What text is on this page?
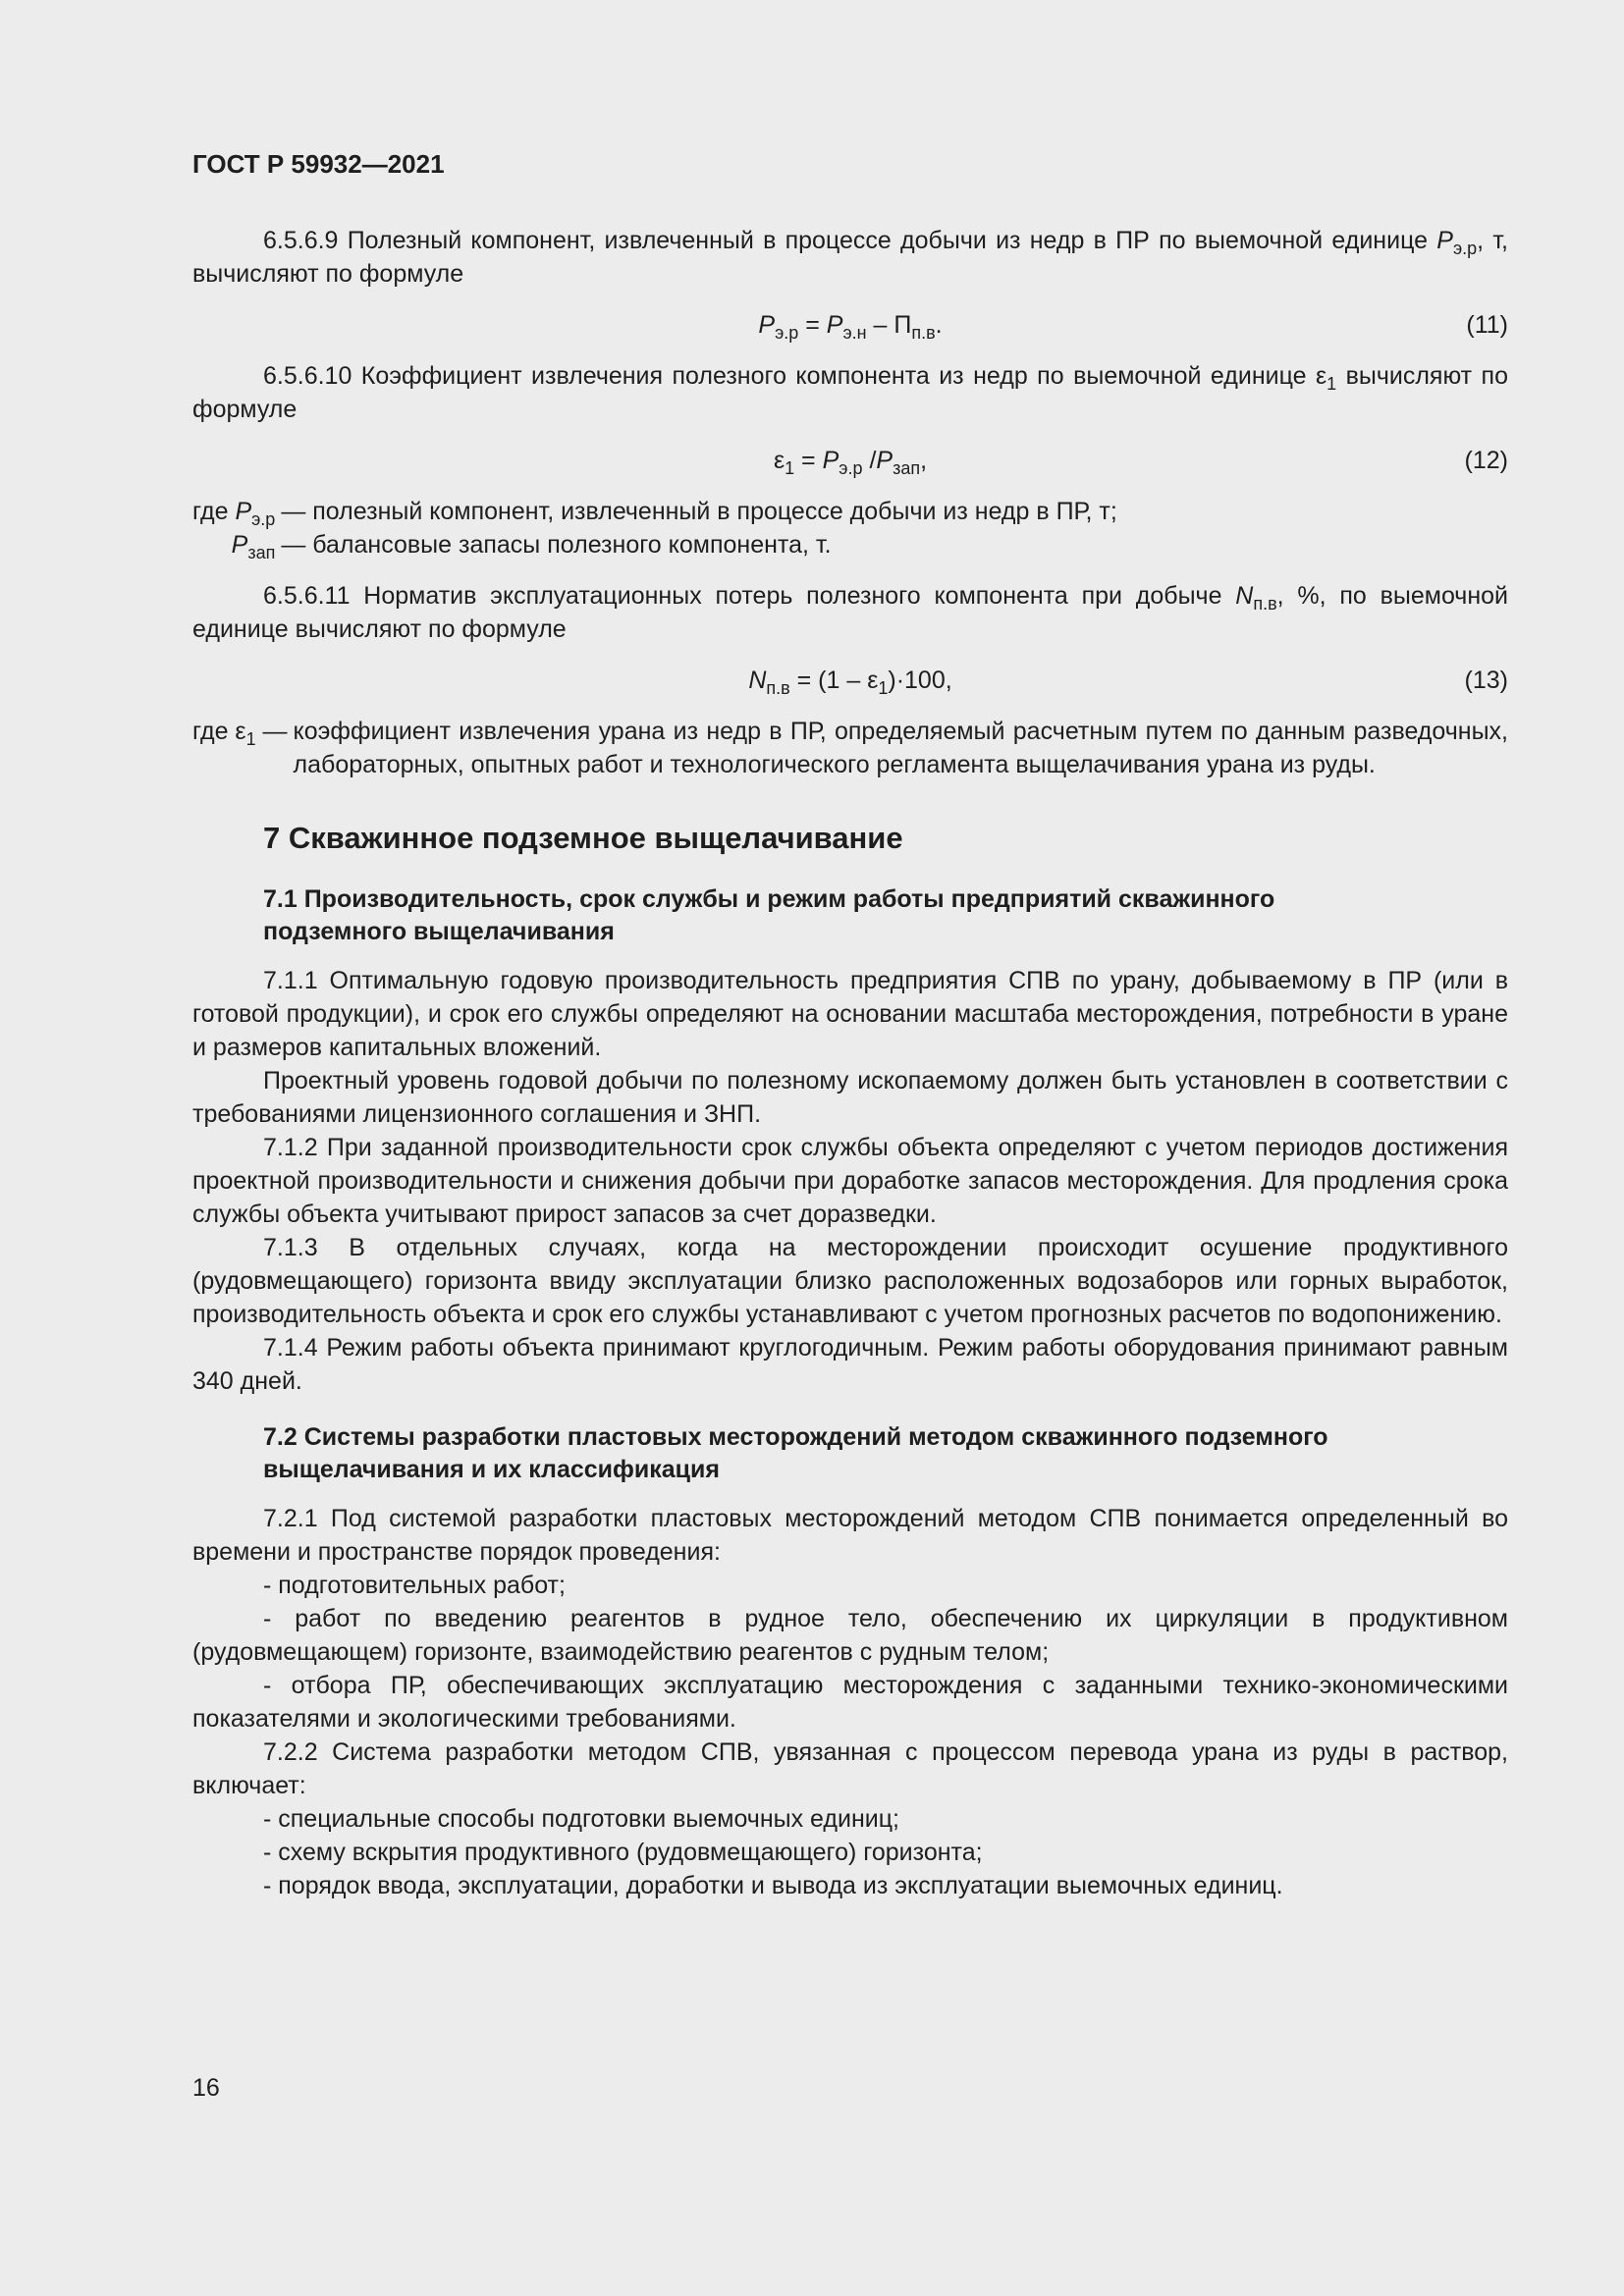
ГОСТ Р 59932—2021

6.5.6.9 Полезный компонент, извлеченный в процессе добычи из недр в ПР по выемочной единице $P_{э.р}$, т, вычисляют по формуле

$P_{э.р} = P_{э.н} - П_{п.в}$.	(11)

6.5.6.10 Коэффициент извлечения полезного компонента из недр по выемочной единице $\varepsilon_1$ вычисляют по формуле

$\varepsilon_1 = P_{э.р}$ $/P_{зап}$,	(12)
где $P_{э.р}$	— полезный компонент, извлеченный в процессе добычи из недр в ПР, т;
$P_{зап}$	— балансовые запасы полезного компонента, т.

6.5.6.11 Норматив эксплуатационных потерь полезного компонента при добыче $N_{п.в}$, %, по выемочной единице вычисляют по формуле

$N_{п.в} = (1 - \varepsilon_1)\cdot 100$,	(13)
где $\varepsilon_1$ —	коэффициент извлечения урана из недр в ПР, определяемый расчетным путем по данным разведочных, лабораторных, опытных работ и технологического регламента выщелачивания урана из руды.
7 Скважинное подземное выщелачивание
7.1 Производительность, срок службы и режим работы предприятий скважинного подземного выщелачивания

7.1.1 Оптимальную годовую производительность предприятия СПВ по урану, добываемому в ПР (или в готовой продукции), и срок его службы определяют на основании масштаба месторождения, потребности в уране и размеров капитальных вложений.

Проектный уровень годовой добычи по полезному ископаемому должен быть установлен в соответствии с требованиями лицензионного соглашения и ЗНП.

7.1.2 При заданной производительности срок службы объекта определяют с учетом периодов достижения проектной производительности и снижения добычи при доработке запасов месторождения. Для продления срока службы объекта учитывают прирост запасов за счет доразведки.

7.1.3 В отдельных случаях, когда на месторождении происходит осушение продуктивного (рудовмещающего) горизонта ввиду эксплуатации близко расположенных водозаборов или горных выработок, производительность объекта и срок его службы устанавливают с учетом прогнозных расчетов по водопонижению.

7.1.4 Режим работы объекта принимают круглогодичным. Режим работы оборудования принимают равным 340 дней.

7.2 Системы разработки пластовых месторождений методом скважинного подземного выщелачивания и их классификация

7.2.1 Под системой разработки пластовых месторождений методом СПВ понимается определенный во времени и пространстве порядок проведения:

- подготовительных работ;

- работ по введению реагентов в рудное тело, обеспечению их циркуляции в продуктивном (рудовмещающем) горизонте, взаимодействию реагентов с рудным телом;

- отбора ПР, обеспечивающих эксплуатацию месторождения с заданными технико-экономическими показателями и экологическими требованиями.

7.2.2 Система разработки методом СПВ, увязанная с процессом перевода урана из руды в раствор, включает:

- специальные способы подготовки выемочных единиц;

- схему вскрытия продуктивного (рудовмещающего) горизонта;

- порядок ввода, эксплуатации, доработки и вывода из эксплуатации выемочных единиц.

16
